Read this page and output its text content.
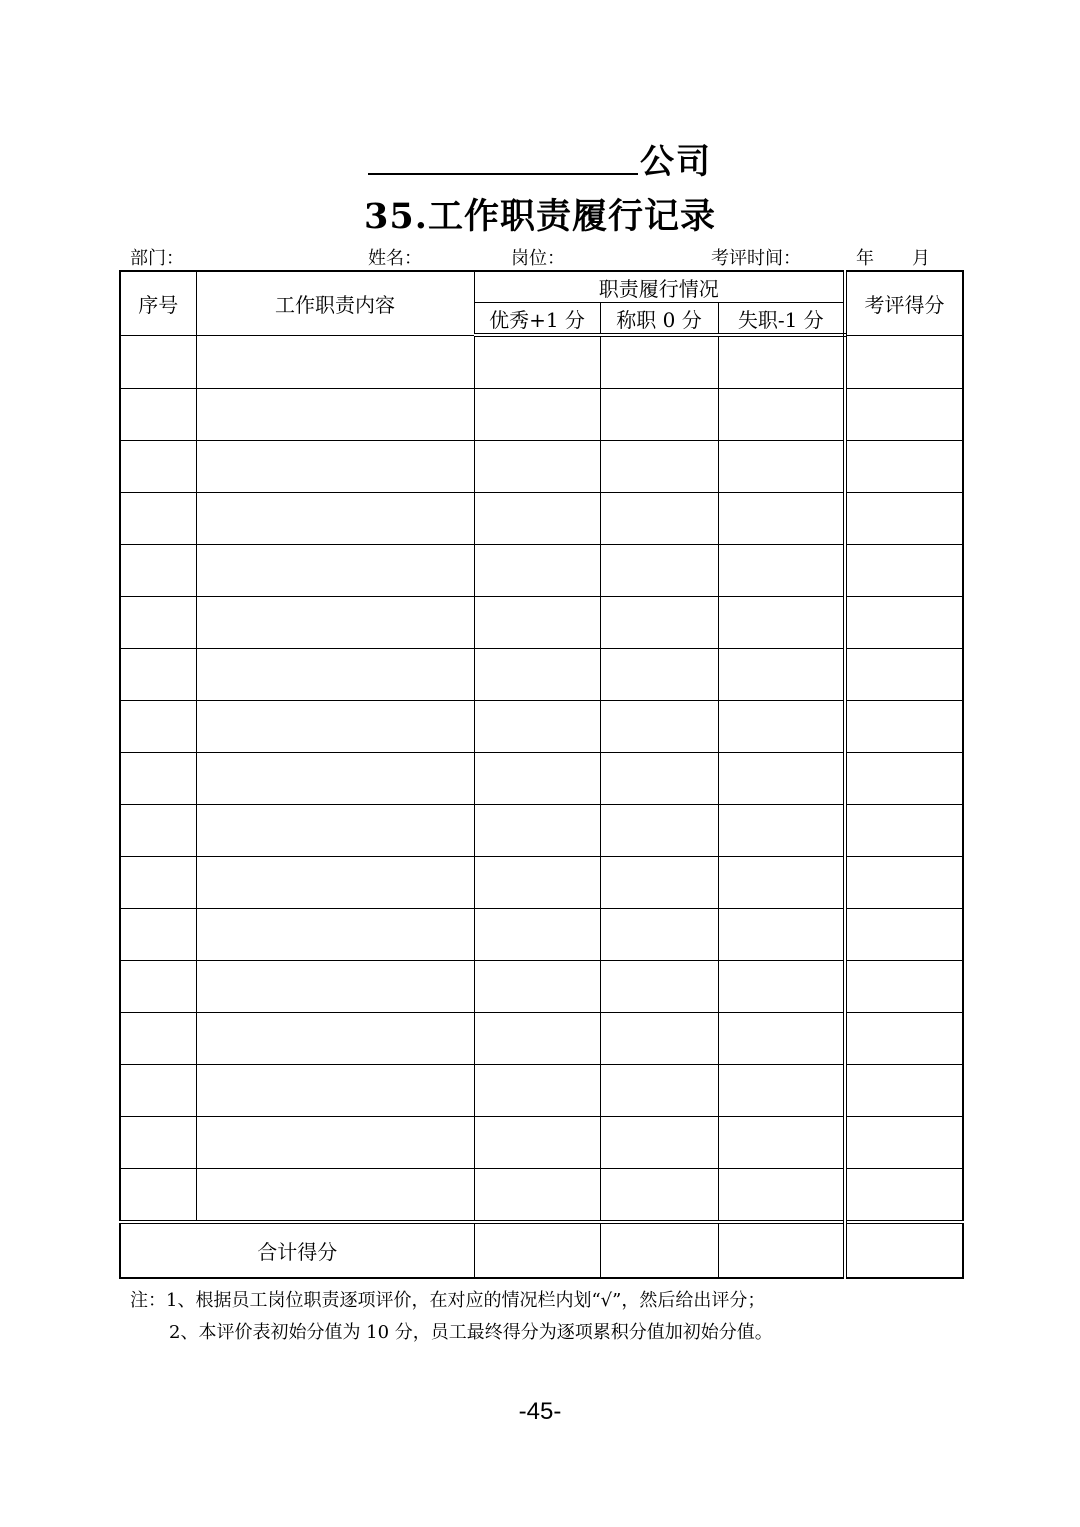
公司
35.工作职责履行记录
部门：	姓名：	岗位：	考评时间：	年 月
序号	工作职责内容	职责履行情况			考评得分
		优秀+1 分	称职 0 分	失职-1 分	

合计得分					
注：1、根据员工岗位职责逐项评价，在对应的情况栏内划“√”，然后给出评分；
2、本评价表初始分值为 10 分，员工最终得分为逐项累积分值加初始分值。
-45-
